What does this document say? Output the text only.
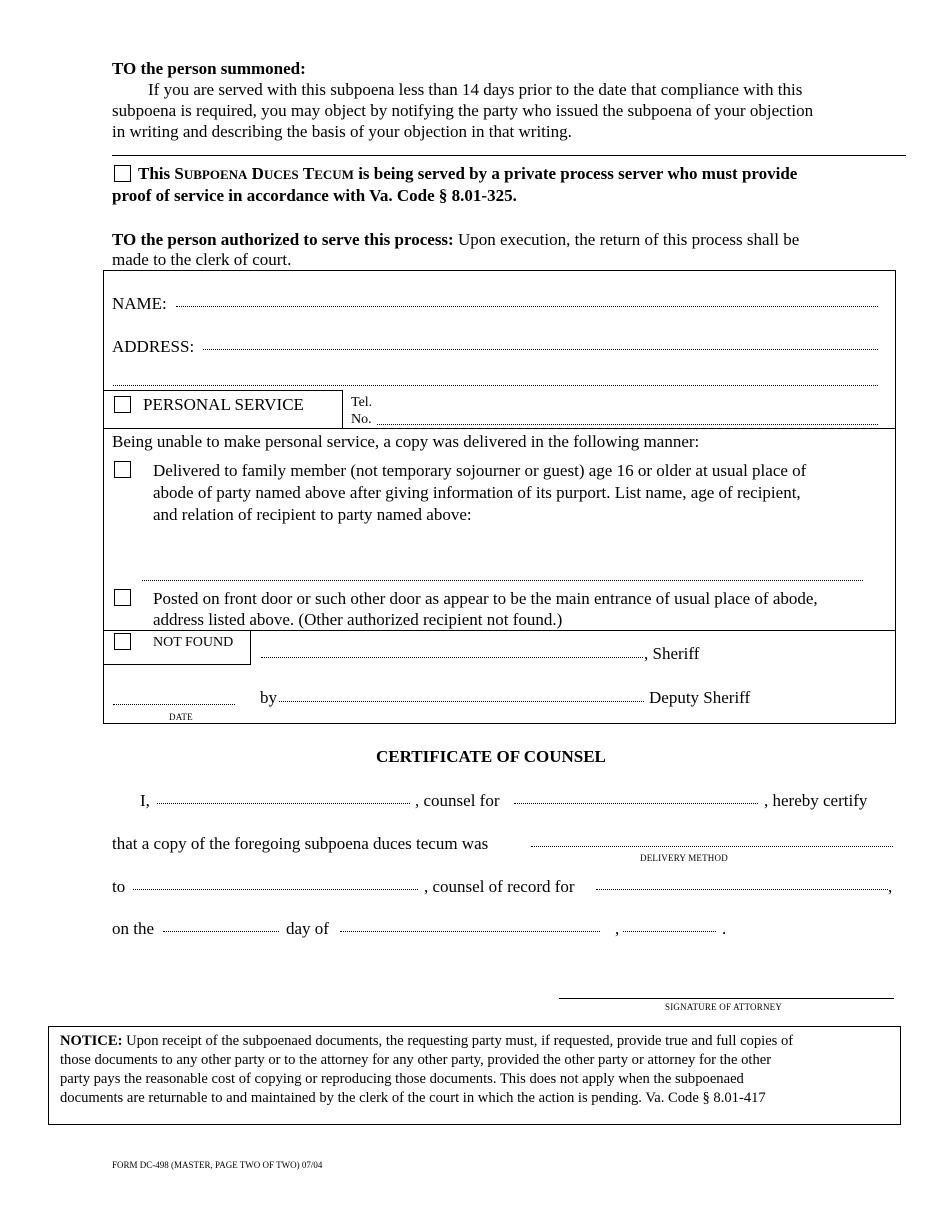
TO the person summoned:
If you are served with this subpoena less than 14 days prior to the date that compliance with this
subpoena is required, you may object by notifying the party who issued the subpoena of your objection
in writing and describing the basis of your objection in that writing.
This SUBPOENA DUCES TECUM is being served by a private process server who must provide
proof of service in accordance with Va. Code § 8.01-325.
TO the person authorized to serve this process: Upon execution, the return of this process shall be
made to the clerk of court.
NAME:
ADDRESS:
PERSONAL SERVICE	Tel.
No.
Being unable to make personal service, a copy was delivered in the following manner:
Delivered to family member (not temporary sojourner or guest) age 16 or older at usual place of
abode of party named above after giving information of its purport. List name, age of recipient,
and relation of recipient to party named above:
Posted on front door or such other door as appear to be the main entrance of usual place of abode,
address listed above. (Other authorized recipient not found.)
NOT FOUND
, Sheriff
DATE
by	Deputy Sheriff
CERTIFICATE OF COUNSEL
I,	, counsel for	, hereby certify
that a copy of the foregoing subpoena duces tecum was
DELIVERY METHOD
to	, counsel of record for	,
on the	day of	,	.
SIGNATURE OF ATTORNEY
NOTICE: Upon receipt of the subpoenaed documents, the requesting party must, if requested, provide true and full copies of
those documents to any other party or to the attorney for any other party, provided the other party or attorney for the other
party pays the reasonable cost of copying or reproducing those documents. This does not apply when the subpoenaed
documents are returnable to and maintained by the clerk of the court in which the action is pending. Va. Code § 8.01-417
FORM DC-498 (MASTER, PAGE TWO OF TWO) 07/04
